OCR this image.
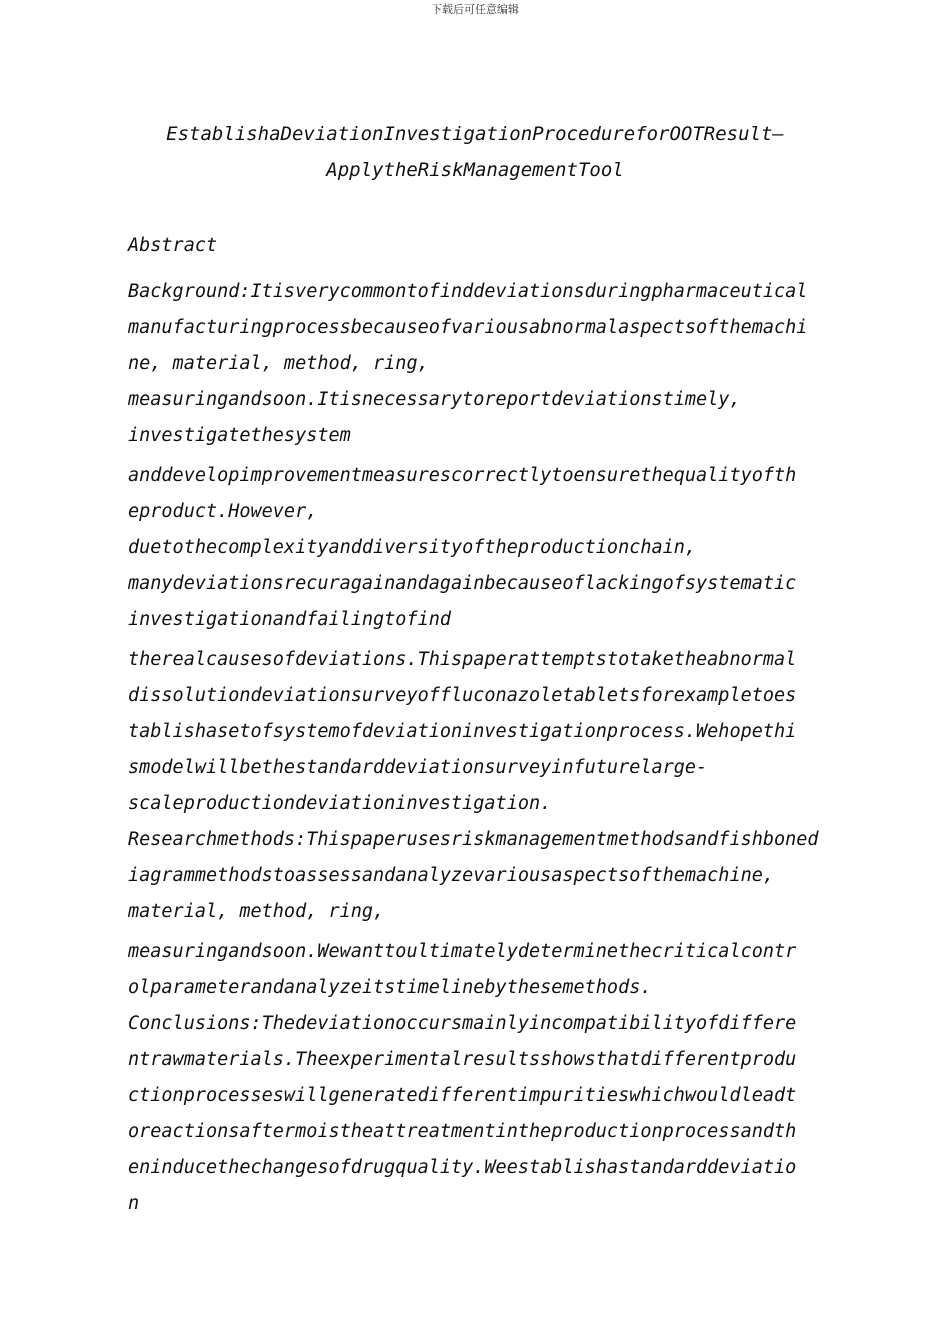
下载后可任意编辑
EstablishaDeviationInvestigationProcedureforOOTResult—
ApplytheRiskManagementTool
Abstract
Background:Itisverycommontofinddeviationsduringpharmaceutical
manufacturingprocessbecauseofvariousabnormalaspectsofthemachi
ne, material, method, ring,
measuringandsoon.Itisnecessarytoreportdeviationstimely,
investigatethesystem
anddevelopimprovementmeasurescorrectlytoensurethequalityofth
eproduct.However,
duetothecomplexityanddiversityoftheproductionchain,
manydeviationsrecuragainandagainbecauseoflackingofsystematic
investigationandfailingtofind
therealcausesofdeviations.Thispaperattemptstotaketheabnormal
dissolutiondeviationsurveyoffluconazoletabletsforexampletoes
tablishasetofsystemofdeviationinvestigationprocess.Wehopethi
smodelwillbethestandarddeviationsurveyinfuturelarge-
scaleproductiondeviationinvestigation.
Researchmethods:Thispaperusesriskmanagementmethodsandfishboned
iagrammethodstoassessandanalyzevariousaspectsofthemachine,
material, method, ring,
measuringandsoon.Wewanttoultimatelydeterminethecriticalcontr
olparameterandanalyzeitstimelinebythesemethods.
Conclusions:Thedeviationoccursmainlyincompatibilityofdiffere
ntrawmaterials.Theexperimentalresultsshowsthatdifferentprodu
ctionprocesseswillgeneratedifferentimpuritieswhichwouldleadt
oreactionsaftermoistheattreatmentintheproductionprocessandth
eninducethechangesofdrugquality.Weestablishastandarddeviatio
n
